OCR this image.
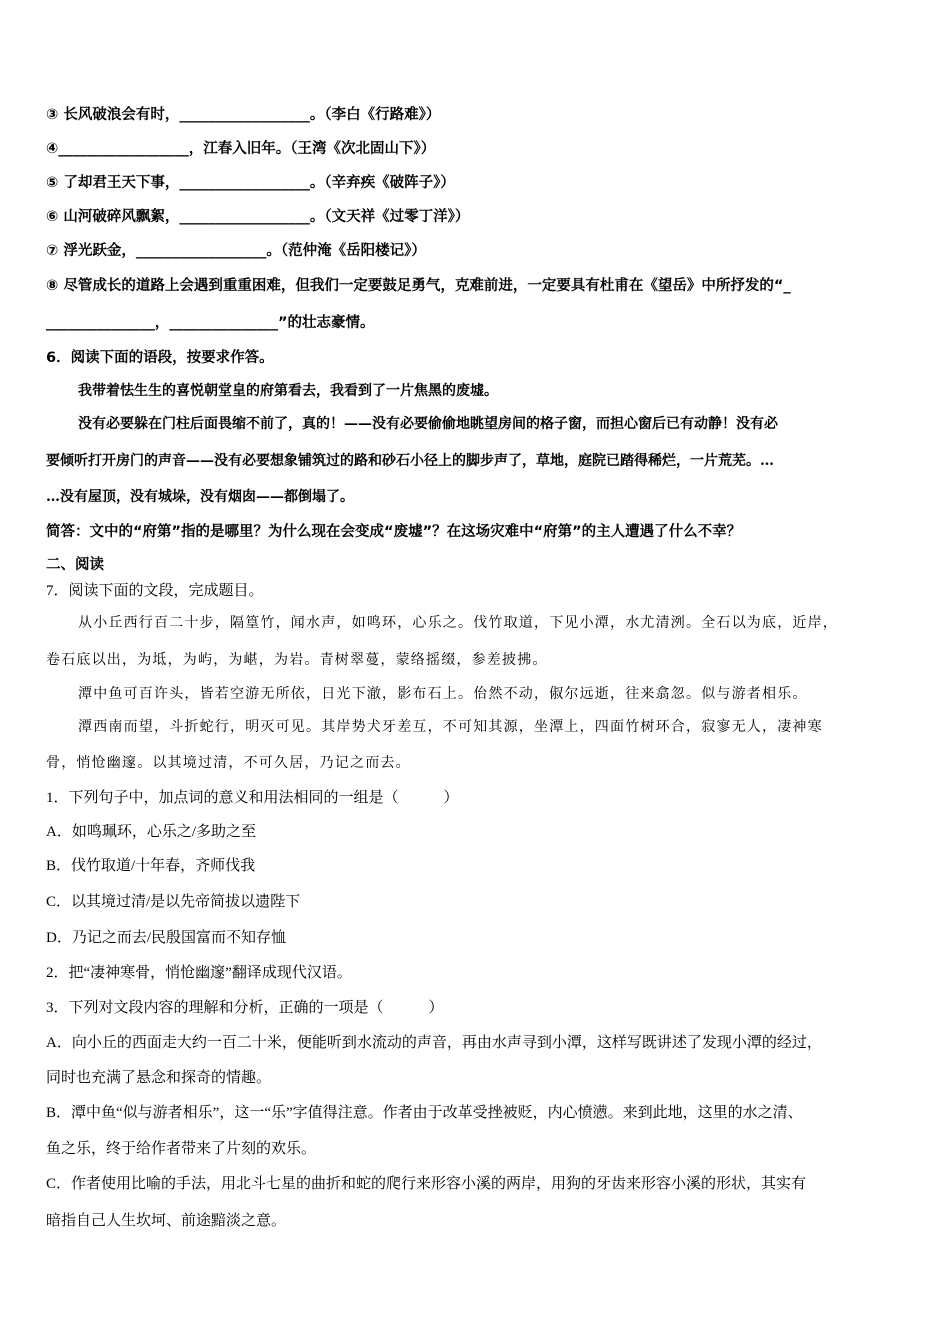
③ 长风破浪会有时，__________________。（李白《行路难》）
④__________________，江春入旧年。（王湾《次北固山下》）
⑤ 了却君王天下事，__________________。（辛弃疾《破阵子》）
⑥ 山河破碎风飘絮，__________________。（文天祥《过零丁洋》）
⑦ 浮光跃金，__________________。（范仲淹《岳阳楼记》）
⑧ 尽管成长的道路上会遇到重重困难，但我们一定要鼓足勇气，克难前进，一定要具有杜甫在《望岳》中所抒发的“_
_______________，_______________”的壮志豪情。
6．阅读下面的语段，按要求作答。
我带着怯生生的喜悦朝堂皇的府第看去，我看到了一片焦黑的废墟。
没有必要躲在门柱后面畏缩不前了，真的！——没有必要偷偷地眺望房间的格子窗，而担心窗后已有动静！没有必
要倾听打开房门的声音——没有必要想象铺筑过的路和砂石小径上的脚步声了，草地，庭院已踏得稀烂，一片荒芜。…
…没有屋顶，没有城垛，没有烟囱——都倒塌了。
简答：文中的“府第”指的是哪里？为什么现在会变成“废墟”？在这场灾难中“府第”的主人遭遇了什么不幸？
二、阅读
7．阅读下面的文段，完成题目。
从小丘西行百二十步，隔篁竹，闻水声，如鸣环，心乐之。伐竹取道，下见小潭，水尤清洌。全石以为底，近岸，
卷石底以出，为坻，为屿，为嵁，为岩。青树翠蔓，蒙络摇缀，参差披拂。
潭中鱼可百许头，皆若空游无所依，日光下澈，影布石上。佁然不动，俶尔远逝，往来翕忽。似与游者相乐。
潭西南而望，斗折蛇行，明灭可见。其岸势犬牙差互，不可知其源，坐潭上，四面竹树环合，寂寥无人，凄神寒
骨，悄怆幽邃。以其境过清，不可久居，乃记之而去。
1．下列句子中，加点词的意义和用法相同的一组是（　　　）
A．如鸣珮环，心乐之/多助之至
B．伐竹取道/十年春，齐师伐我
C．以其境过清/是以先帝简拔以遗陛下
D．乃记之而去/民殷国富而不知存恤
2．把“凄神寒骨，悄怆幽邃”翻译成现代汉语。
3．下列对文段内容的理解和分析，正确的一项是（　　　）
A．向小丘的西面走大约一百二十米，便能听到水流动的声音，再由水声寻到小潭，这样写既讲述了发现小潭的经过，
同时也充满了悬念和探奇的情趣。
B．潭中鱼“似与游者相乐”，这一“乐”字值得注意。作者由于改革受挫被贬，内心愤懑。来到此地，这里的水之清、
鱼之乐，终于给作者带来了片刻的欢乐。
C．作者使用比喻的手法，用北斗七星的曲折和蛇的爬行来形容小溪的两岸，用狗的牙齿来形容小溪的形状，其实有
暗指自己人生坎坷、前途黯淡之意。
